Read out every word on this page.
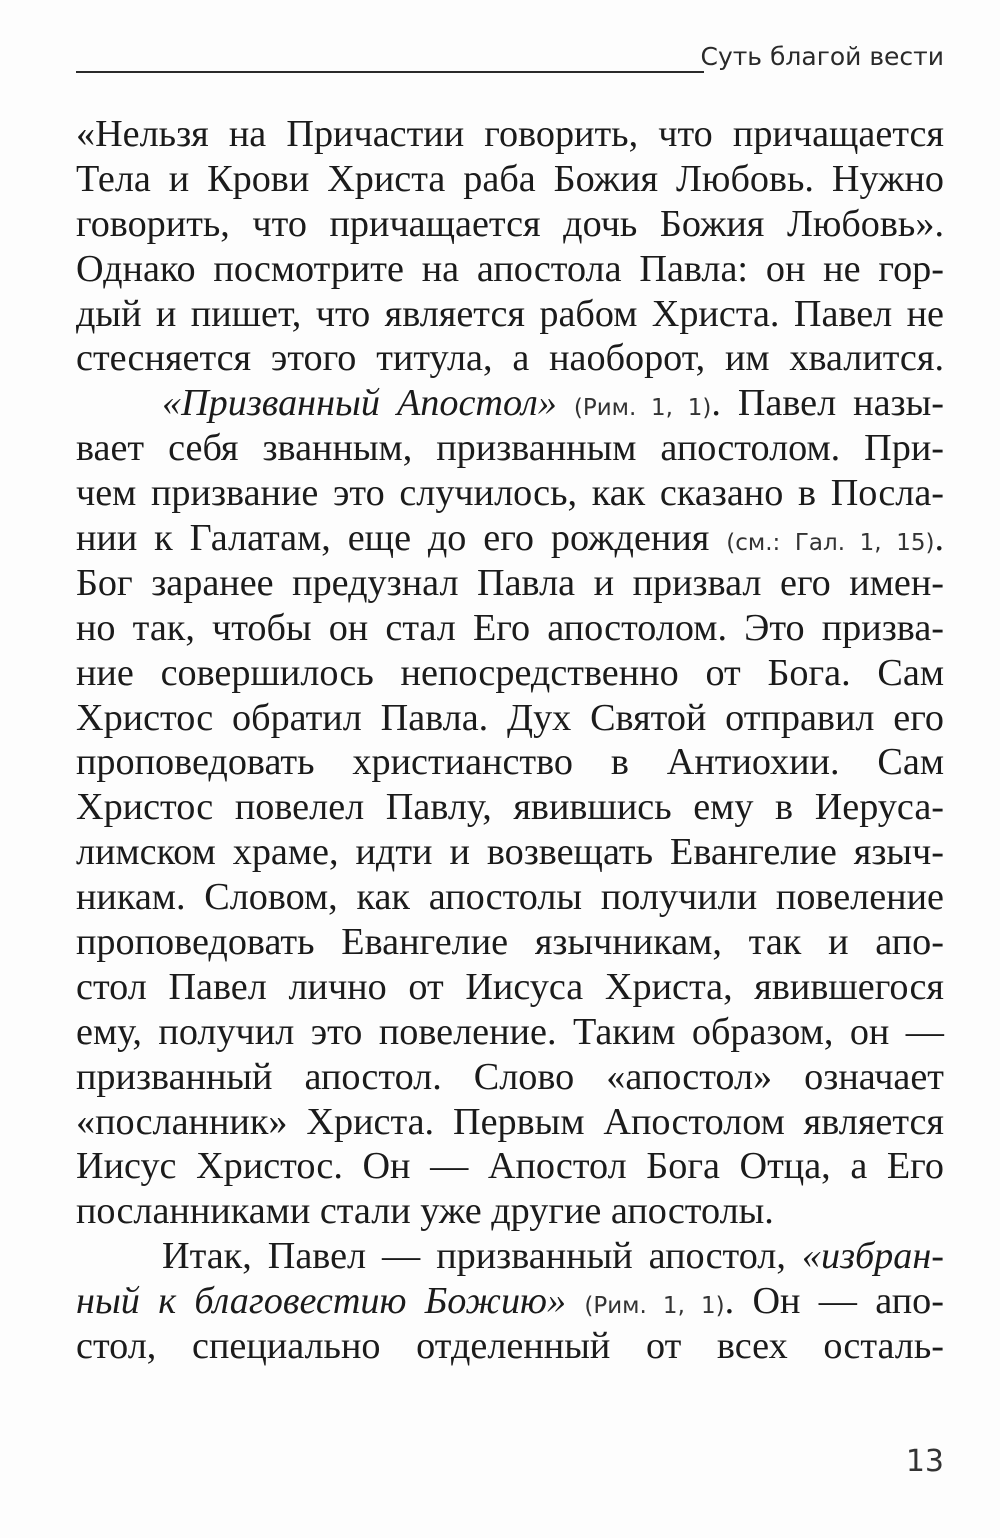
Суть благой вести
«Нельзя на Причастии говорить, что причащается
Тела и Крови Христа раба Божия Любовь. Нужно
говорить, что причащается дочь Божия Любовь».
Однако посмотрите на апостола Павла: он не гор-
дый и пишет, что является рабом Христа. Павел не
стесняется этого титула, а наоборот, им хвалится.
«Призванный Апостол» (Рим. 1, 1). Павел назы-
вает себя званным, призванным апостолом. При-
чем призвание это случилось, как сказано в Посла-
нии к Галатам, еще до его рождения (см.: Гал. 1, 15).
Бог заранее предузнал Павла и призвал его имен-
но так, чтобы он стал Его апостолом. Это призва-
ние совершилось непосредственно от Бога. Сам
Христос обратил Павла. Дух Святой отправил его
проповедовать христианство в Антиохии. Сам
Христос повелел Павлу, явившись ему в Иеруса-
лимском храме, идти и возвещать Евангелие языч-
никам. Словом, как апостолы получили повеление
проповедовать Евангелие язычникам, так и апо-
стол Павел лично от Иисуса Христа, явившегося
ему, получил это повеление. Таким образом, он —
призванный апостол. Слово «апостол» означает
«посланник» Христа. Первым Апостолом является
Иисус Христос. Он — Апостол Бога Отца, а Его
посланниками стали уже другие апостолы.
Итак, Павел — призванный апостол, «избран-
ный к благовестию Божию» (Рим. 1, 1). Он — апо-
стол, специально отделенный от всех осталь-
13
